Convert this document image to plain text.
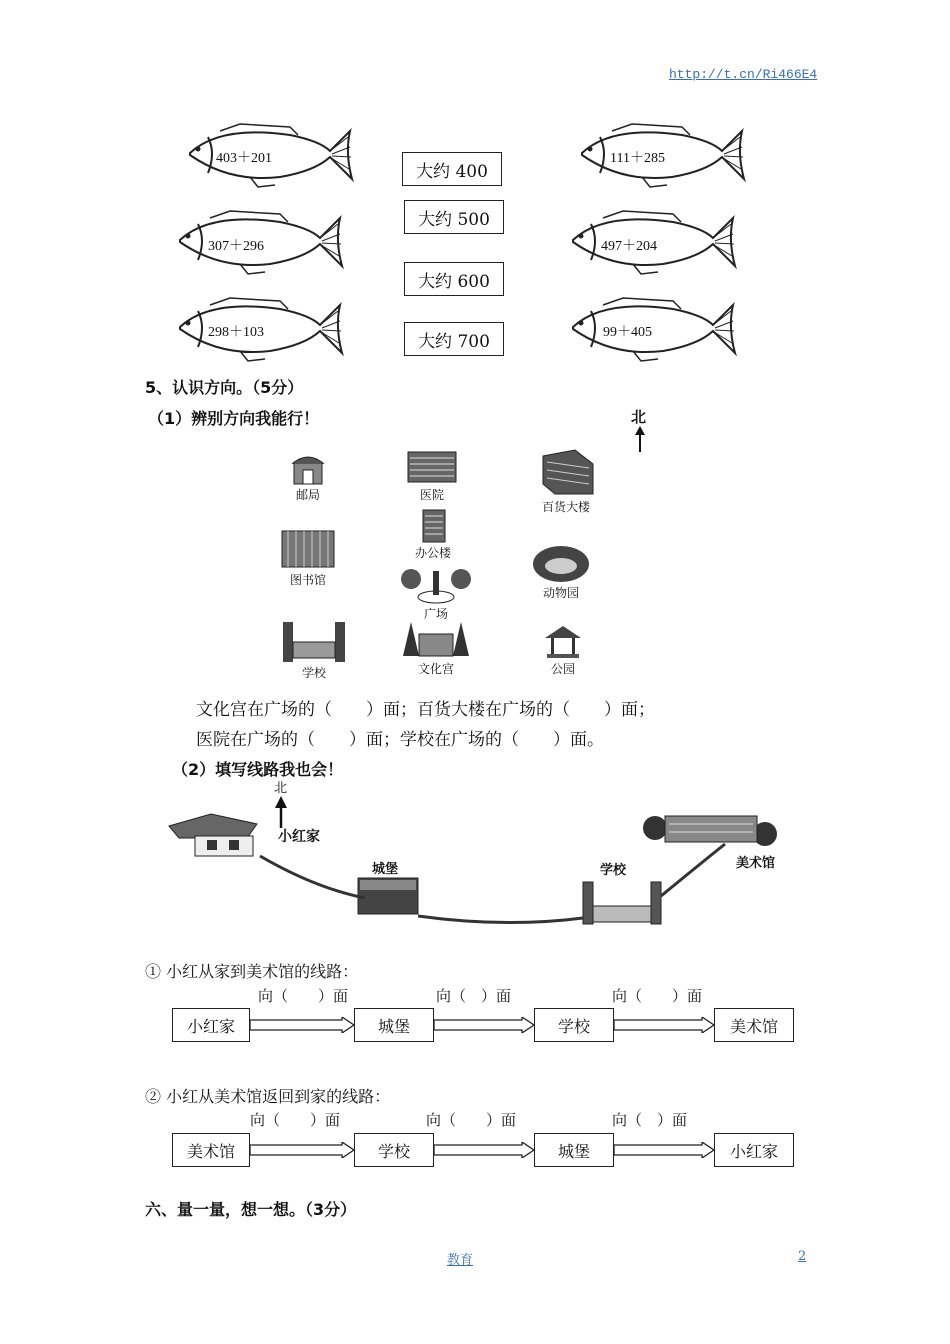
http://t.cn/Ri466E4
403＋201
307＋296
298＋103
111＋285
497＋204
99＋405
大约 400
大约 500
大约 600
大约 700
5、认识方向。（5分）
（1）辨别方向我能行！	北
邮局	医院
百货大楼
办公楼
图书馆
广场
动物园
学校	文化宫	公园
文化宫在广场的（　　）面；百货大楼在广场的（　　）面；
医院在广场的（　　）面；学校在广场的（　　）面。
（2）填写线路我也会！
北
小红家
城堡	学校	美术馆
① 小红从家到美术馆的线路：
向（　　）面	向（　）面	向（　　）面
小红家	城堡	学校	美术馆
② 小红从美术馆返回到家的线路：
向（　　）面	向（　　）面	向（　）面
美术馆	学校	城堡	小红家
六、量一量，想一想。（3分）
教育	2
